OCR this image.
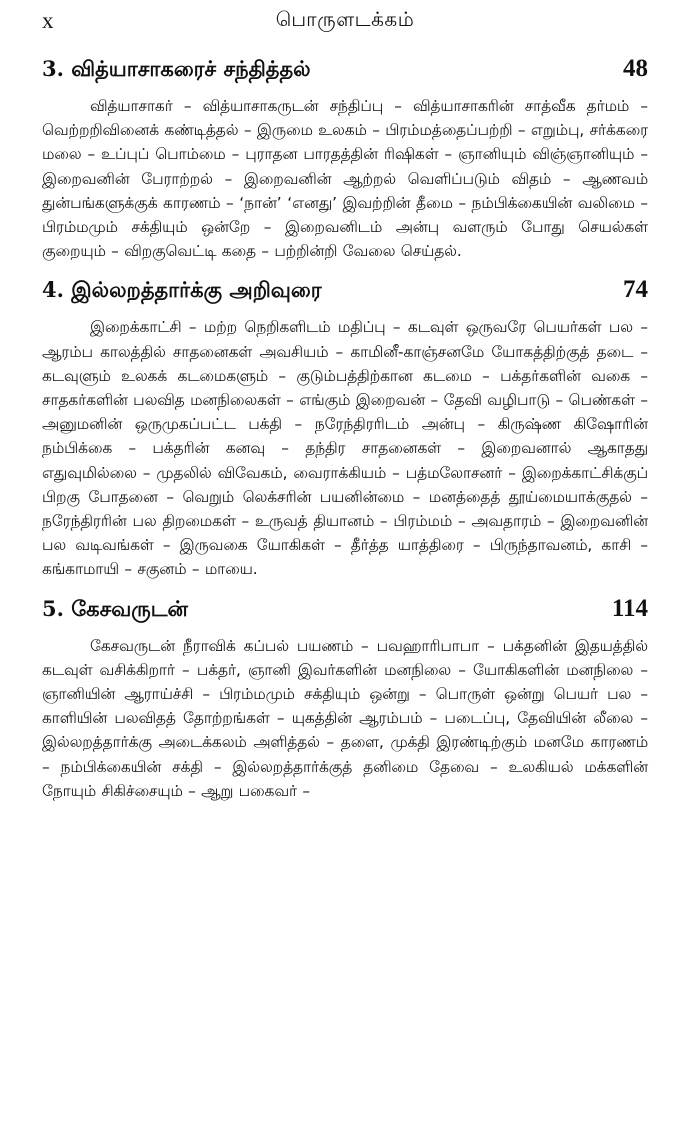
x	பொருளடக்கம்
3. வித்யாசாகரைச் சந்தித்தல்	48

வித்யாசாகர் – வித்யாசாகருடன் சந்திப்பு – வித்யாசாகரின் சாத்வீக தர்மம் – வெற்றறிவினைக் கண்டித்தல் – இருமை உலகம் – பிரம்மத்தைப்பற்றி – எறும்பு, சர்க்கரை மலை – உப்புப் பொம்மை – புராதன பாரதத்தின் ரிஷிகள் – ஞானியும் விஞ்ஞானியும் – இறைவனின் பேராற்றல் – இறைவனின் ஆற்றல் வெளிப்படும் விதம் – ஆணவம் துன்பங்களுக்குக் காரணம் – ‘நான்’ ‘எனது’ இவற்றின் தீமை – நம்பிக்கையின் வலிமை – பிரம்மமும் சக்தியும் ஒன்றே – இறைவனிடம் அன்பு வளரும் போது செயல்கள் குறையும் – விறகுவெட்டி கதை – பற்றின்றி வேலை செய்தல்.

4. இல்லறத்தார்க்கு அறிவுரை	74

இறைக்காட்சி – மற்ற நெறிகளிடம் மதிப்பு – கடவுள் ஒருவரே பெயர்கள் பல – ஆரம்ப காலத்தில் சாதனைகள் அவசியம் – காமினீ-காஞ்சனமே யோகத்திற்குத் தடை – கடவுளும் உலகக் கடமைகளும் – குடும்பத்திற்கான கடமை – பக்தர்களின் வகை – சாதகர்களின் பலவித மனநிலைகள் – எங்கும் இறைவன் – தேவி வழிபாடு – பெண்கள் – அனுமனின் ஒருமுகப்பட்ட பக்தி – நரேந்திரரிடம் அன்பு – கிருஷ்ண கிஷோரின் நம்பிக்கை – பக்தரின் கனவு – தந்திர சாதனைகள் – இறைவனால் ஆகாதது எதுவுமில்லை – முதலில் விவேகம், வைராக்கியம் – பத்மலோசனர் – இறைக்காட்சிக்குப் பிறகு போதனை – வெறும் லெக்சரின் பயனின்மை – மனத்தைத் தூய்மையாக்குதல் – நரேந்திரரின் பல திறமைகள் – உருவத் தியானம் – பிரம்மம் – அவதாரம் – இறைவனின் பல வடிவங்கள் – இருவகை யோகிகள் – தீர்த்த யாத்திரை – பிருந்தாவனம், காசி – கங்காமாயி – சகுனம் – மாயை.

5. கேசவருடன்	114

கேசவருடன் நீராவிக் கப்பல் பயணம் – பவஹாரிபாபா – பக்தனின் இதயத்தில் கடவுள் வசிக்கிறார் – பக்தர், ஞானி இவர்களின் மனநிலை – யோகிகளின் மனநிலை – ஞானியின் ஆராய்ச்சி – பிரம்மமும் சக்தியும் ஒன்று – பொருள் ஒன்று பெயர் பல – காளியின் பலவிதத் தோற்றங்கள் – யுகத்தின் ஆரம்பம் – படைப்பு, தேவியின் லீலை – இல்லறத்தார்க்கு அடைக்கலம் அளித்தல் – தளை, முக்தி இரண்டிற்கும் மனமே காரணம் – நம்பிக்கையின் சக்தி – இல்லறத்தார்க்குத் தனிமை தேவை – உலகியல் மக்களின் நோயும் சிகிச்சையும் – ஆறு பகைவர் –
